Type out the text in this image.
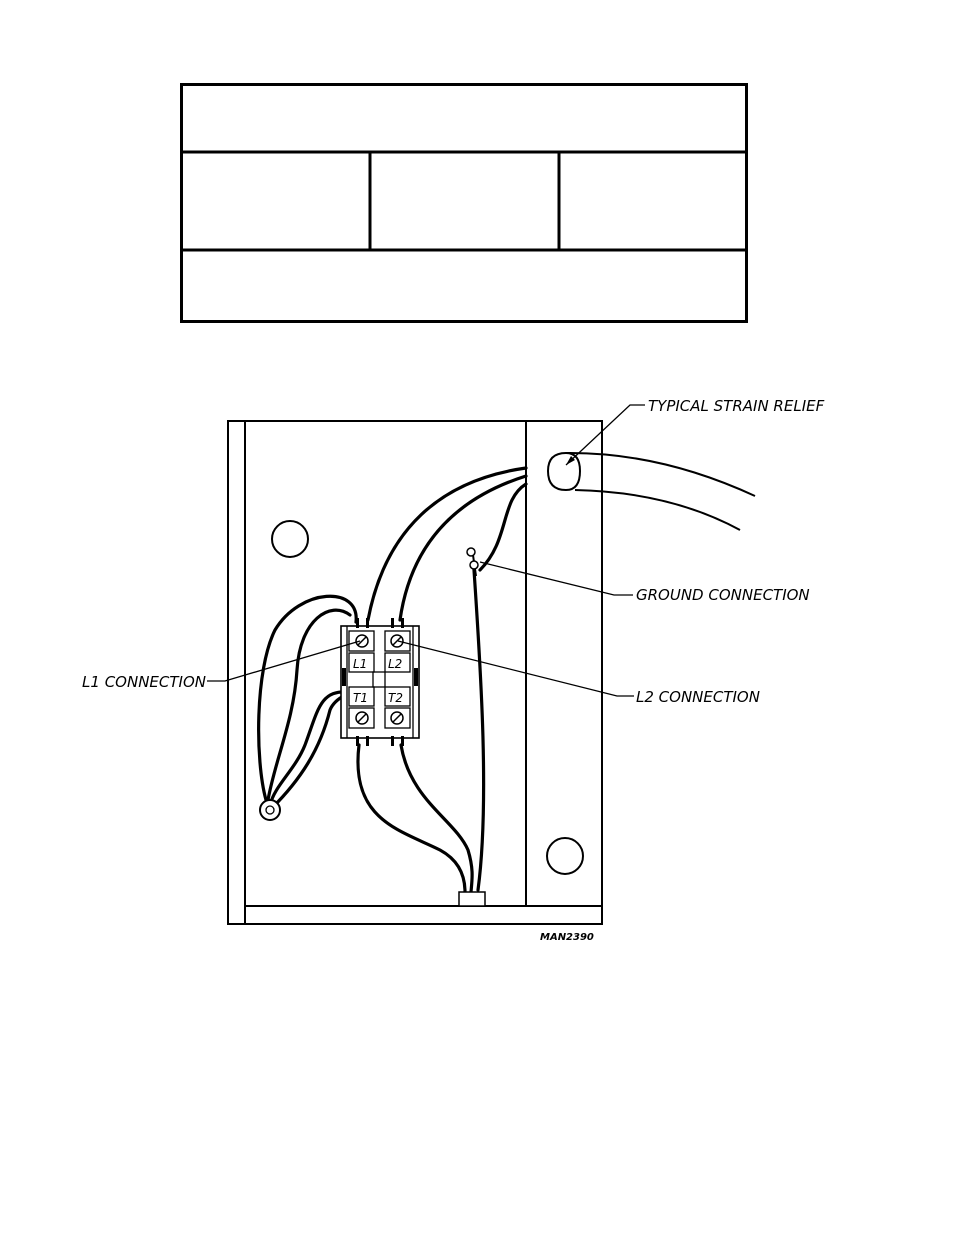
L1 L2
T1 T2
TYPICAL STRAIN RELIEF
GROUND CONNECTION
L1 CONNECTION
L2 CONNECTION
MAN2390
